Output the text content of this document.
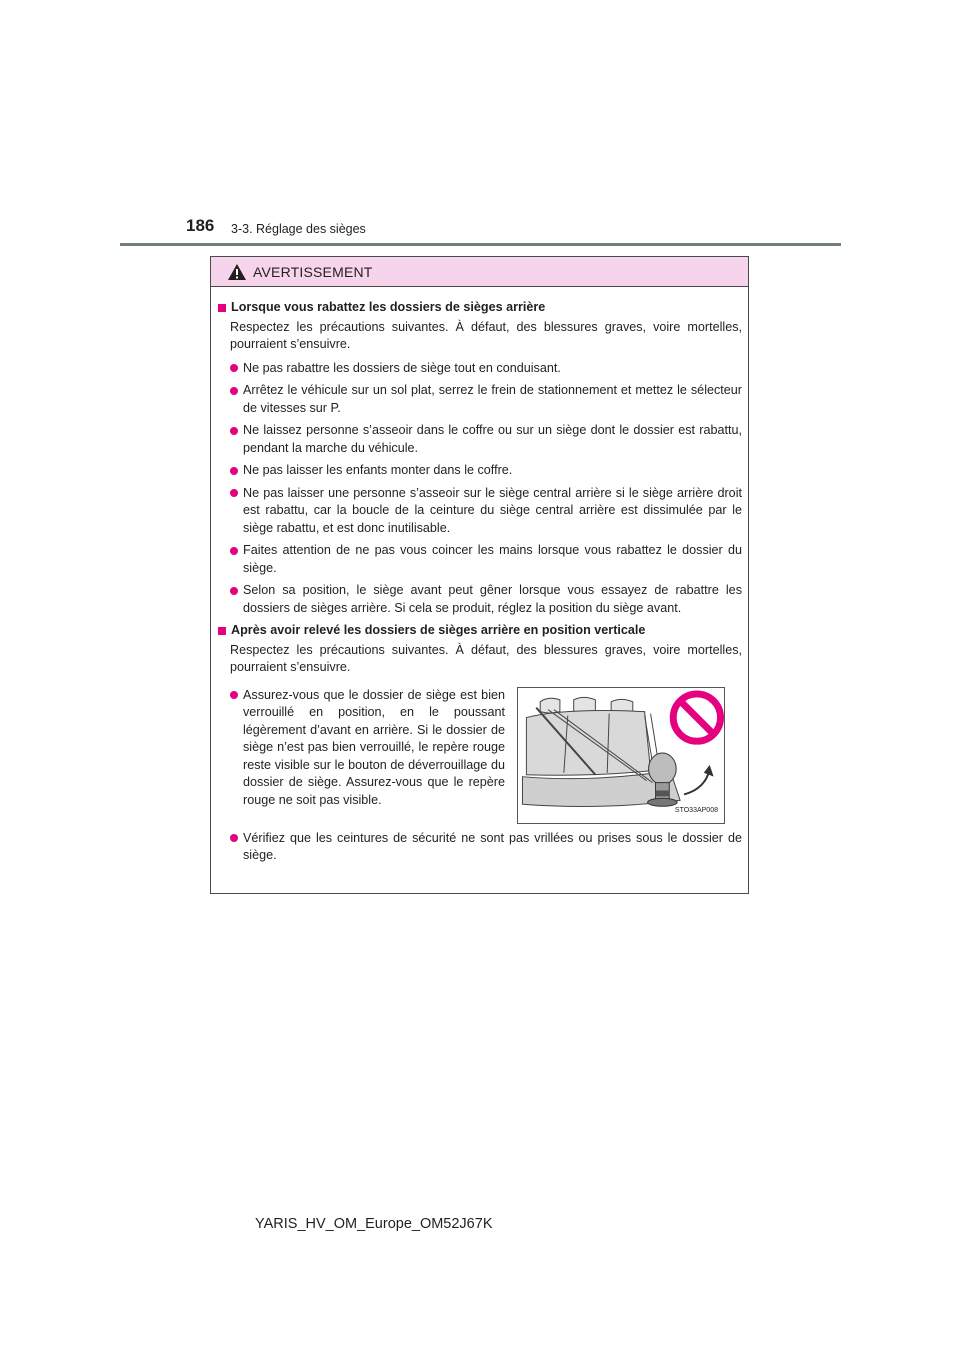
186 3-3. Réglage des sièges
AVERTISSEMENT
Lorsque vous rabattez les dossiers de sièges arrière
Respectez les précautions suivantes. À défaut, des blessures graves, voire mortelles, pourraient s’ensuivre.
Ne pas rabattre les dossiers de siège tout en conduisant.
Arrêtez le véhicule sur un sol plat, serrez le frein de stationnement et mettez le sélecteur de vitesses sur P.
Ne laissez personne s’asseoir dans le coffre ou sur un siège dont le dossier est rabattu, pendant la marche du véhicule.
Ne pas laisser les enfants monter dans le coffre.
Ne pas laisser une personne s’asseoir sur le siège central arrière si le siège arrière droit est rabattu, car la boucle de la ceinture du siège central arrière est dissimulée par le siège rabattu, et est donc inutilisable.
Faites attention de ne pas vous coincer les mains lorsque vous rabattez le dossier du siège.
Selon sa position, le siège avant peut gêner lorsque vous essayez de rabattre les dossiers de sièges arrière. Si cela se produit, réglez la position du siège avant.
Après avoir relevé les dossiers de sièges arrière en position verticale
Respectez les précautions suivantes. À défaut, des blessures graves, voire mortelles, pourraient s’ensuivre.
Assurez-vous que le dossier de siège est bien verrouillé en position, en le poussant légèrement d’avant en arrière. Si le dossier de siège n’est pas bien verrouillé, le repère rouge reste visible sur le bouton de déverrouillage du dossier de siège. Assurez-vous que le repère rouge ne soit pas visible.
STO33AP008
Vérifiez que les ceintures de sécurité ne sont pas vrillées ou prises sous le dossier de siège.
YARIS_HV_OM_Europe_OM52J67K
